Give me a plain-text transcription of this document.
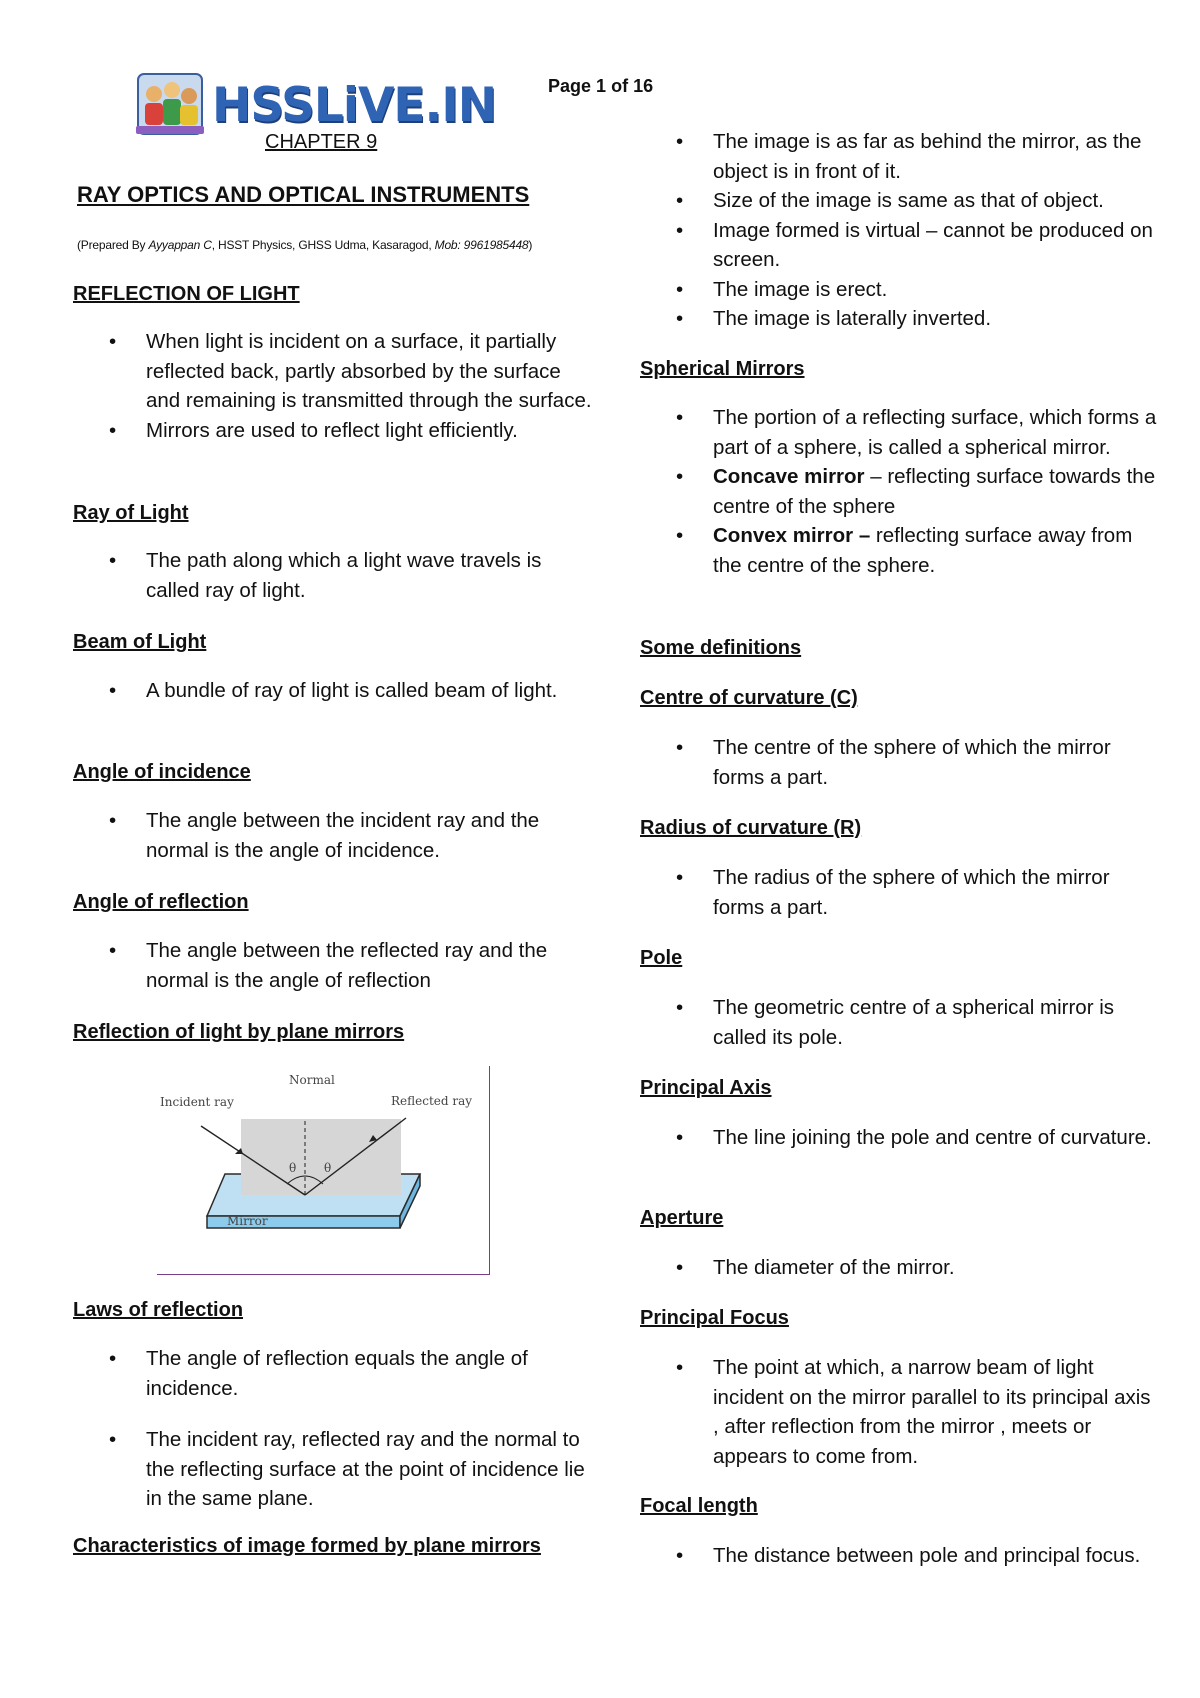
HSSLiVE.IN	Page 1 of 16
CHAPTER 9
RAY OPTICS AND OPTICAL INSTRUMENTS
(Prepared By Ayyappan C, HSST Physics, GHSS Udma, Kasaragod, Mob: 9961985448)
REFLECTION OF LIGHT
• When light is incident on a surface, it partially reflected back, partly absorbed by the surface and remaining is transmitted through the surface.
• Mirrors are used to reflect light efficiently.
Ray of Light
• The path along which a light wave travels is called ray of light.
Beam of Light
• A bundle of ray of light is called beam of light.
Angle of incidence
• The angle between the incident ray and the normal is the angle of incidence.
Angle of reflection
• The angle between the reflected ray and the normal is the angle of reflection
Reflection of light by plane mirrors
Normal
Incident ray	Reflected ray
θ θ
Mirror
Laws of reflection
• The angle of reflection equals the angle of incidence.
• The incident ray, reflected ray and the normal to the reflecting surface at the point of incidence lie in the same plane.
Characteristics of image formed by plane mirrors
• The image is as far as behind the mirror, as the object is in front of it.
• Size of the image is same as that of object.
• Image formed is virtual – cannot be produced on screen.
• The image is erect.
• The image is laterally inverted.
Spherical Mirrors
• The portion of a reflecting surface, which forms a part of a sphere, is called a spherical mirror.
• Concave mirror – reflecting surface towards the centre of the sphere
• Convex mirror – reflecting surface away from the centre of the sphere.
Some definitions
Centre of curvature (C)
• The centre of the sphere of which the mirror forms a part.
Radius of curvature (R)
• The radius of the sphere of which the mirror forms a part.
Pole
• The geometric centre of a spherical mirror is called its pole.
Principal Axis
• The line joining the pole and centre of curvature.
Aperture
• The diameter of the mirror.
Principal Focus
• The point at which, a narrow beam of light incident on the mirror parallel to its principal axis , after reflection from the mirror , meets or appears to come from.
Focal length
• The distance between pole and principal focus.
